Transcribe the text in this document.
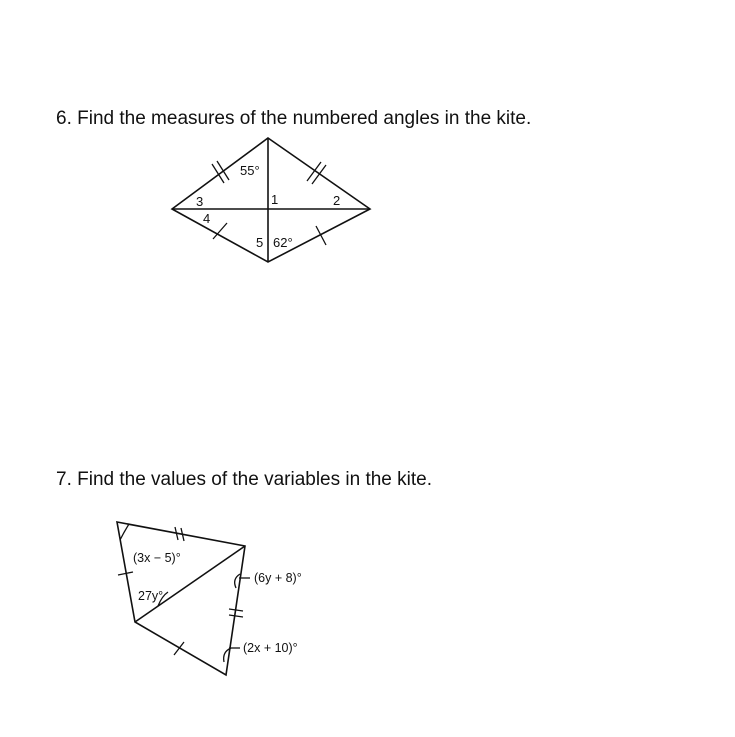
6. Find the measures of the numbered angles in the kite.
55°
1	2
3
4
5 62°
7. Find the values of the variables in the kite.
(3x − 5)°
27y°
(6y + 8)°
(2x + 10)°
